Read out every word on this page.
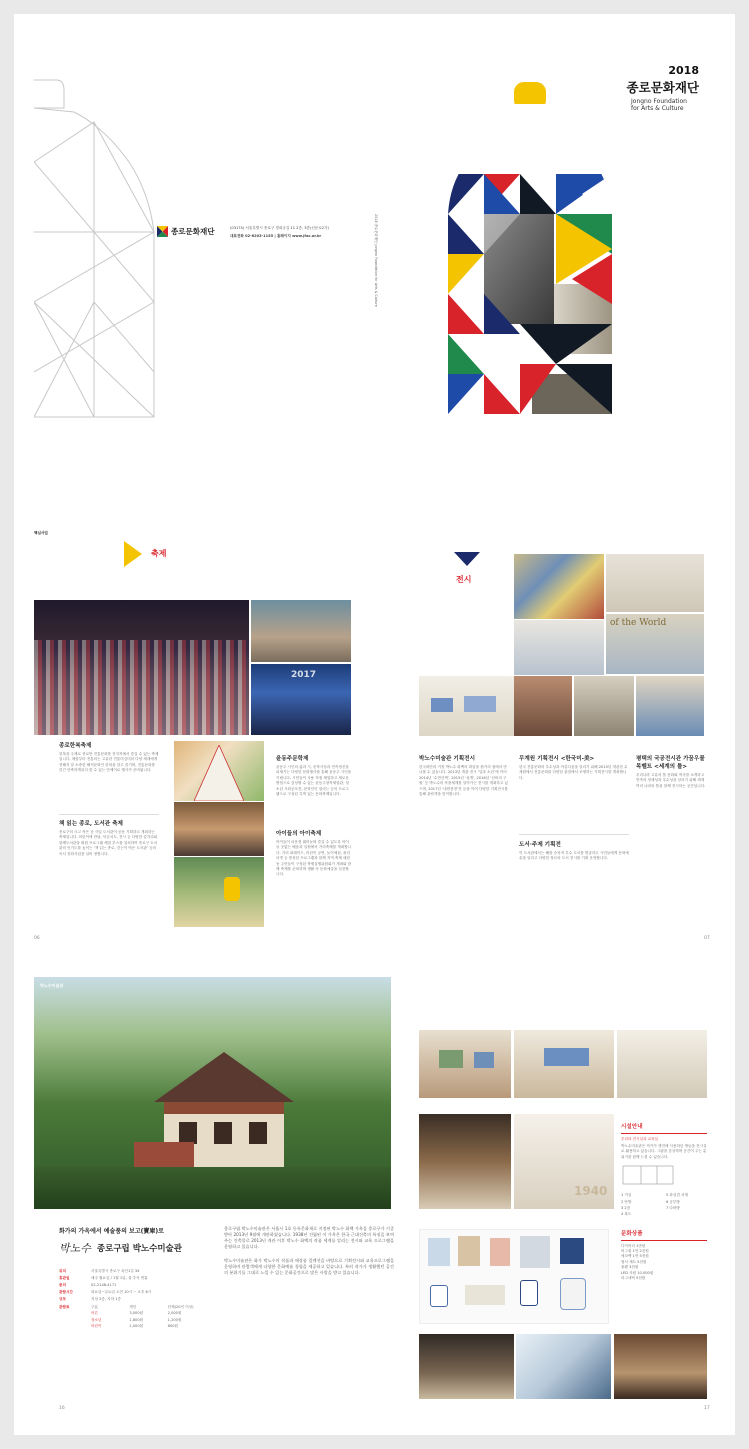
종로문화재단	(03174) 서울특별시 종로구 경희궁길 11 2층, 3층(신문로2가)
대표전화 02-6203-1155 | 홈페이지 www.jfac.or.kr	2018 종로문화재단 Jongno Foundation for Arts & Culture
2018
종로문화재단
Jongno Foundation
for Arts & Culture
핵심사업
축제
2017
종로한복축제
한복을 주제로 종로만 전통문화를 전지자에서 즐길 수 있는 축제입니다. 체험부터 전통의는 고유한 전통미심미의 다양 세대에게 전해지 알 소중한 해석문화인 한복을 알고 즐기며, 전통문화를 즐긴 단축하게되다 맛 수 있는 단체이로 행사가 준비됩니다.
책 읽는 종로, 도서관 축제
종로구의 크고 작은 공 사입 도서관이 공동 기획하고 개최하는 축제입니다. 어린이에 만날, 북콘서트, 전시 등 다양한 즐거리와 함께도서관을 확원 프로그램 체험 부스를 설치하여 종로구 도서관의 인기도를 높이는 ‘책 읽는 종로, 걷는이 먹은 도서관’ 등의 독서 친화사업을 실비 정합니다.
윤동주문학제
윤동주 시인의 삶과 시, 문학사상과 민족정신을 되새기는 다양한 문화행사를 통해 윤동주 시인을 기립니다. 시민들이 사용 직접 체험하고 새로운 방법으로 감상할 수 있는 윤동주창작체험관, 청소년 시화공모전, 문학인인 열리는 등의 프로그램으로 구성된 특색 있는 문화축제입니다.
아이들의 아이축제
아이들이 마음껏 뛰어놀며 즐길 수 있도록 아이들 곳없는 배움과 일원에서 거리축제를 개최합니다. 거리 퍼레이드, 어린이 공연, 놀이체험, 플리마켓 등 풍성한 프로그램과 함께 지역 축제 매한동 주민들이 구성된 축제실행위원회가 개최와 함께 축제를 준비하며 생활 속 문화예술을 실천합니다.
06
전시
of the World
박노수미술관 기획전시
한국화단의 거장 박노수 화백의 화업을 원거의 집에서 만나볼 수 있습니다. 2013년 개관 전시 ‘달과 소년’에 이어 2014년 ‘수면산책’, 2015년 ‘섬개’, 2016년 ‘선비의 구원’ 등 박노수의 작품세계를 알아가는 전시를 개최하고 있으며, 2017년 ‘내면풍경’전 등을 이어 다양한 기획전시를 통해 관람객을 맞이합니다.
무계원 기획전시 <한국미-美>
한국 전통문화의 우수성과 아름다움을 알리기 위해 2015년 개관한 무계원에서 전통문화를 다양한 관점에서 조명하는 기획전시를 개최합니다.
도서·주제 기획전
이 도서관에서는 해를 순차적 우수 도서를 발굴하고 시민들에게 문화예술을 알리고 다양한 장르의 도서 전시를 기획 운영합니다.
평택의 국공전시관 가꿈우물목벨트 <세계의 틀>
우리나라 고유의 틀 문화와 역사를 소개하고 만족의 정체성과 우수성을 알리기 위해 세계 여러 나라의 틀을 함께 전시하는 공간입니다.
07
박노수미술관
1940
시설안내
우리의 전시실과 교육실
박노수미술관은 작가가 생전에 사용하던 방들을 전시실로 활용하고 있습니다. 그림을 감상하며 공간이 주는 분위기를 함께 느낄 수 있습니다.
1 거실	5 화실겸 서재
2 안방	6 공부방
3 2층	7 다락방
4 복도
화가의 가옥에서 예술품의 보고(寶庫)로
박노수 종로구립 박노수미술관
위치	서울특별시 종로구 옥인1길 34
휴관일	매주 월요일 / 1월 1일, 설·추석 연휴
문의	02-2148-4171
관람시간	화요일~일요일 오전 10시 ~ 오후 6시
규모	지상 2층, 지하 1층
관람료	구분	개인	단체(20인 이상)
어른	3,000원	2,000원
청소년	1,800원	1,200원
어린이	1,000원	600원
종로구립 박노수미술관은 서울시 1호 등록문화재로 지정된 박노수 화백 가옥을 종로구가 기증받아 2013년 9월에 개관하였습니다. 1938년 건립된 이 가옥은 한국 근대건축의 특징을 보여 주는 건축물로 2013년 개관 이후 박노수 화백의 작품 세계를 알리는 전시와 교육 프로그램을 운영하고 있습니다.
박노수미술관은 화가 박노수의 작품과 애장품 컬렉션을 바탕으로 기획전시와 교육프로그램을 운영하며 관람객에게 다양한 문화예술 경험을 제공하고 있습니다. 특히 작가가 생활했던 공간의 분위기를 그대로 느낄 수 있는 문화공간으로 많은 사랑을 받고 있습니다.
16
문화상품
다이어리 1만원
머그컵 1만 2천원
에코백 1만 5천원
엽서 세트 5천원
볼펜 3천원
LED 사원 10,000원
마그네틱 5천원
17
